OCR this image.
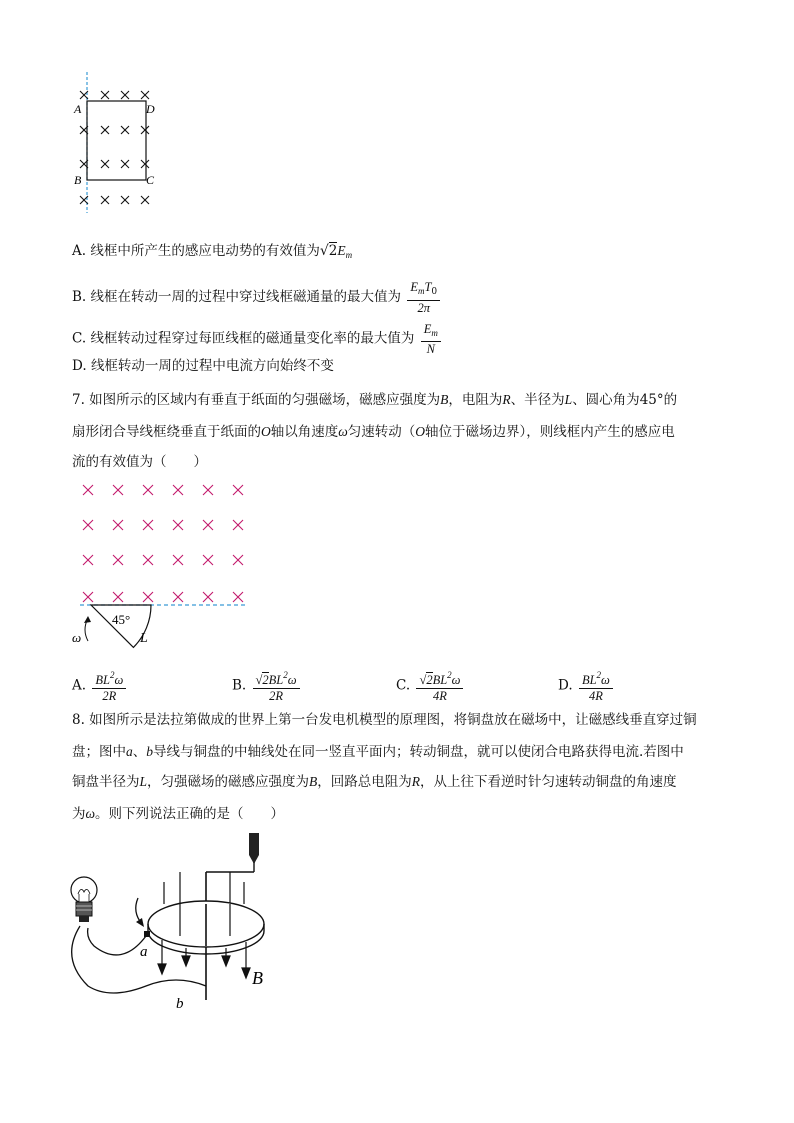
A	D
B	C
A. 线框中所产生的感应电动势的有效值为$√2E_m$
B. 线框在转动一周的过程中穿过线框磁通量的最大值为 $\frac{E_mT_0}{2\pi}$
C. 线框转动过程穿过每匝线框的磁通量变化率的最大值为 $\frac{E_m}{N}$
D. 线框转动一周的过程中电流方向始终不变
7. 如图所示的区域内有垂直于纸面的匀强磁场，磁感应强度为B，电阻为R、半径为L、圆心角为45°的
扇形闭合导线框绕垂直于纸面的O轴以角速度ω匀速转动（O轴位于磁场边界），则线框内产生的感应电
流的有效值为（　　）
45°
L
ω
A. $\frac{BL^2\omega}{2R}$	B. $\frac{√2BL^2\omega}{2R}$	C. $\frac{√2BL^2\omega}{4R}$	D. $\frac{BL^2\omega}{4R}$
8. 如图所示是法拉第做成的世界上第一台发电机模型的原理图，将铜盘放在磁场中，让磁感线垂直穿过铜
盘；图中a、b导线与铜盘的中轴线处在同一竖直平面内；转动铜盘，就可以使闭合电路获得电流.若图中
铜盘半径为L，匀强磁场的磁感应强度为B，回路总电阻为R，从上往下看逆时针匀速转动铜盘的角速度
为ω。则下列说法正确的是（　　）
B
a
b
